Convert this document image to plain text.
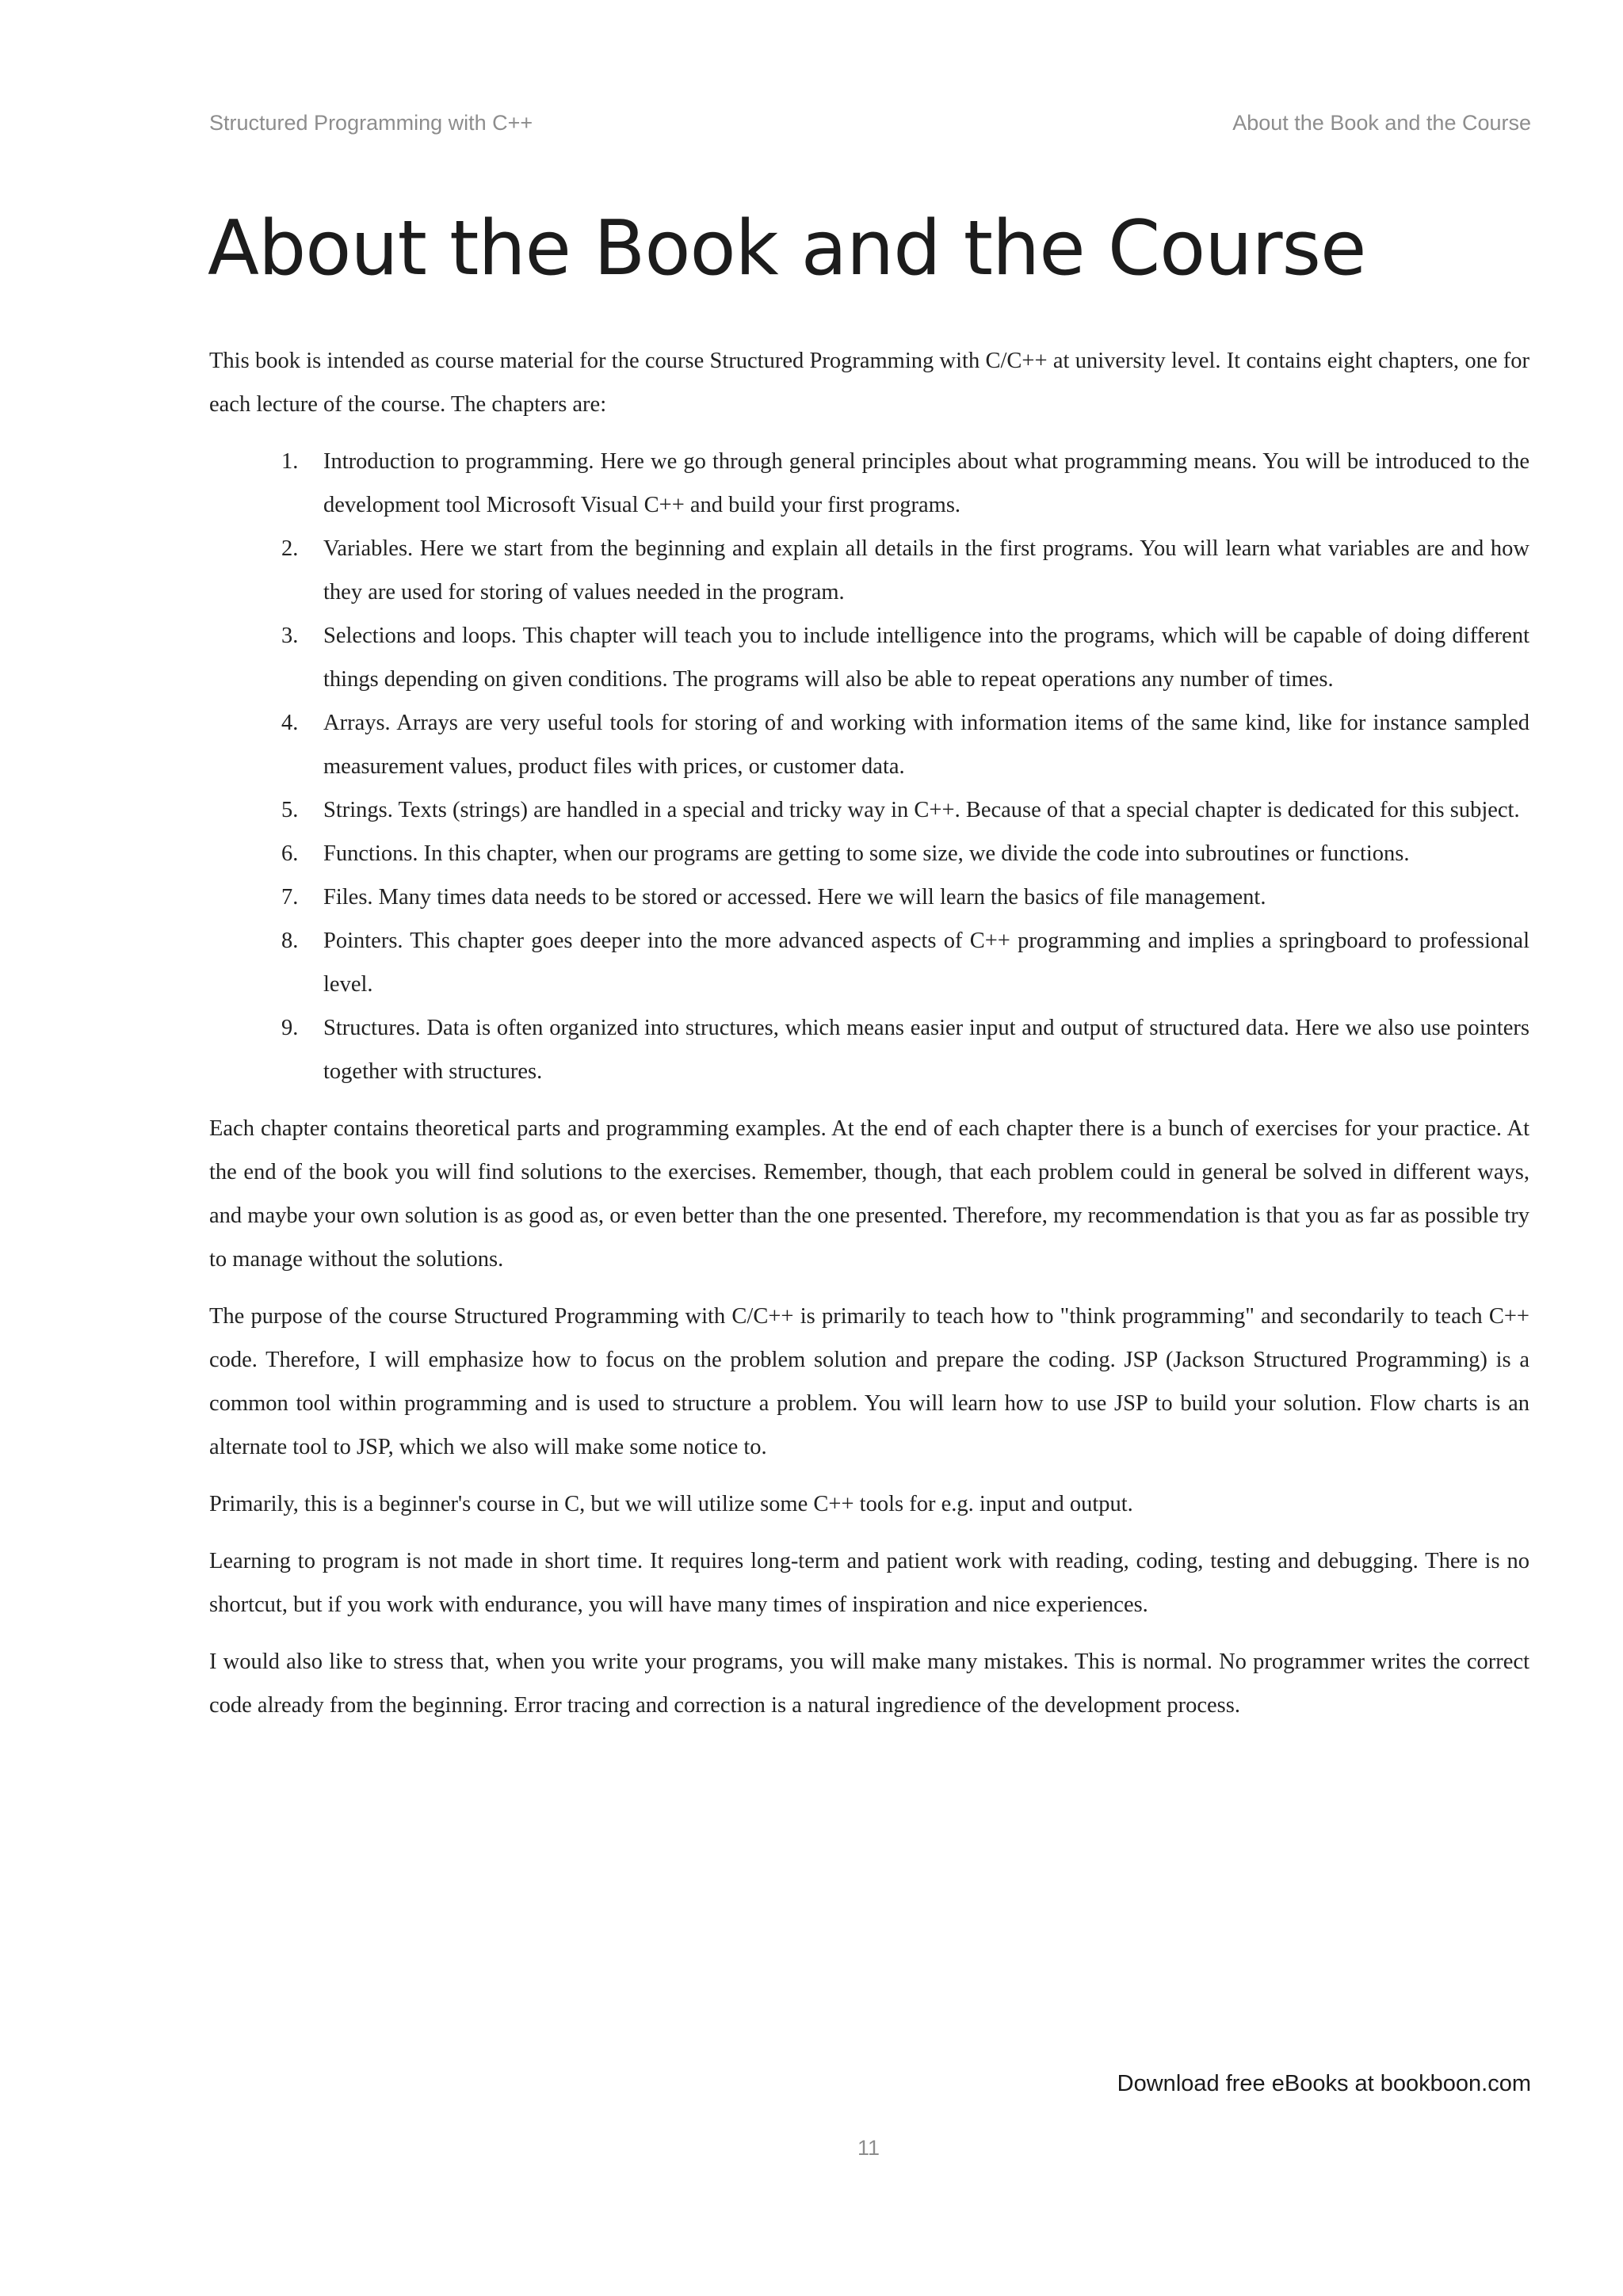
Structured Programming with C++	About the Book and the Course
About the Book and the Course

This book is intended as course material for the course Structured Programming with C/C++ at university level. It contains eight chapters, one for each lecture of the course. The chapters are:

1.	Introduction to programming. Here we go through general principles about what programming means. You will be introduced to the development tool Microsoft Visual C++ and build your first programs.
2.	Variables. Here we start from the beginning and explain all details in the first programs. You will learn what variables are and how they are used for storing of values needed in the program.
3.	Selections and loops. This chapter will teach you to include intelligence into the programs, which will be capable of doing different things depending on given conditions. The programs will also be able to repeat operations any number of times.
4.	Arrays. Arrays are very useful tools for storing of and working with information items of the same kind, like for instance sampled measurement values, product files with prices, or customer data.
5.	Strings. Texts (strings) are handled in a special and tricky way in C++. Because of that a special chapter is dedicated for this subject.
6.	Functions. In this chapter, when our programs are getting to some size, we divide the code into subroutines or functions.
7.	Files. Many times data needs to be stored or accessed. Here we will learn the basics of file management.
8.	Pointers. This chapter goes deeper into the more advanced aspects of C++ programming and implies a springboard to professional level.
9.	Structures. Data is often organized into structures, which means easier input and output of structured data. Here we also use pointers together with structures.

Each chapter contains theoretical parts and programming examples. At the end of each chapter there is a bunch of exercises for your practice. At the end of the book you will find solutions to the exercises. Remember, though, that each problem could in general be solved in different ways, and maybe your own solution is as good as, or even better than the one presented. Therefore, my recommendation is that you as far as possible try to manage without the solutions.

The purpose of the course Structured Programming with C/C++ is primarily to teach how to "think programming" and secondarily to teach C++ code. Therefore, I will emphasize how to focus on the problem solution and prepare the coding. JSP (Jackson Structured Programming) is a common tool within programming and is used to structure a problem. You will learn how to use JSP to build your solution. Flow charts is an alternate tool to JSP, which we also will make some notice to.

Primarily, this is a beginner's course in C, but we will utilize some C++ tools for e.g. input and output.

Learning to program is not made in short time. It requires long-term and patient work with reading, coding, testing and debugging. There is no shortcut, but if you work with endurance, you will have many times of inspiration and nice experiences.

I would also like to stress that, when you write your programs, you will make many mistakes. This is normal. No programmer writes the correct code already from the beginning. Error tracing and correction is a natural ingredience of the development process.

Download free eBooks at bookboon.com
11
